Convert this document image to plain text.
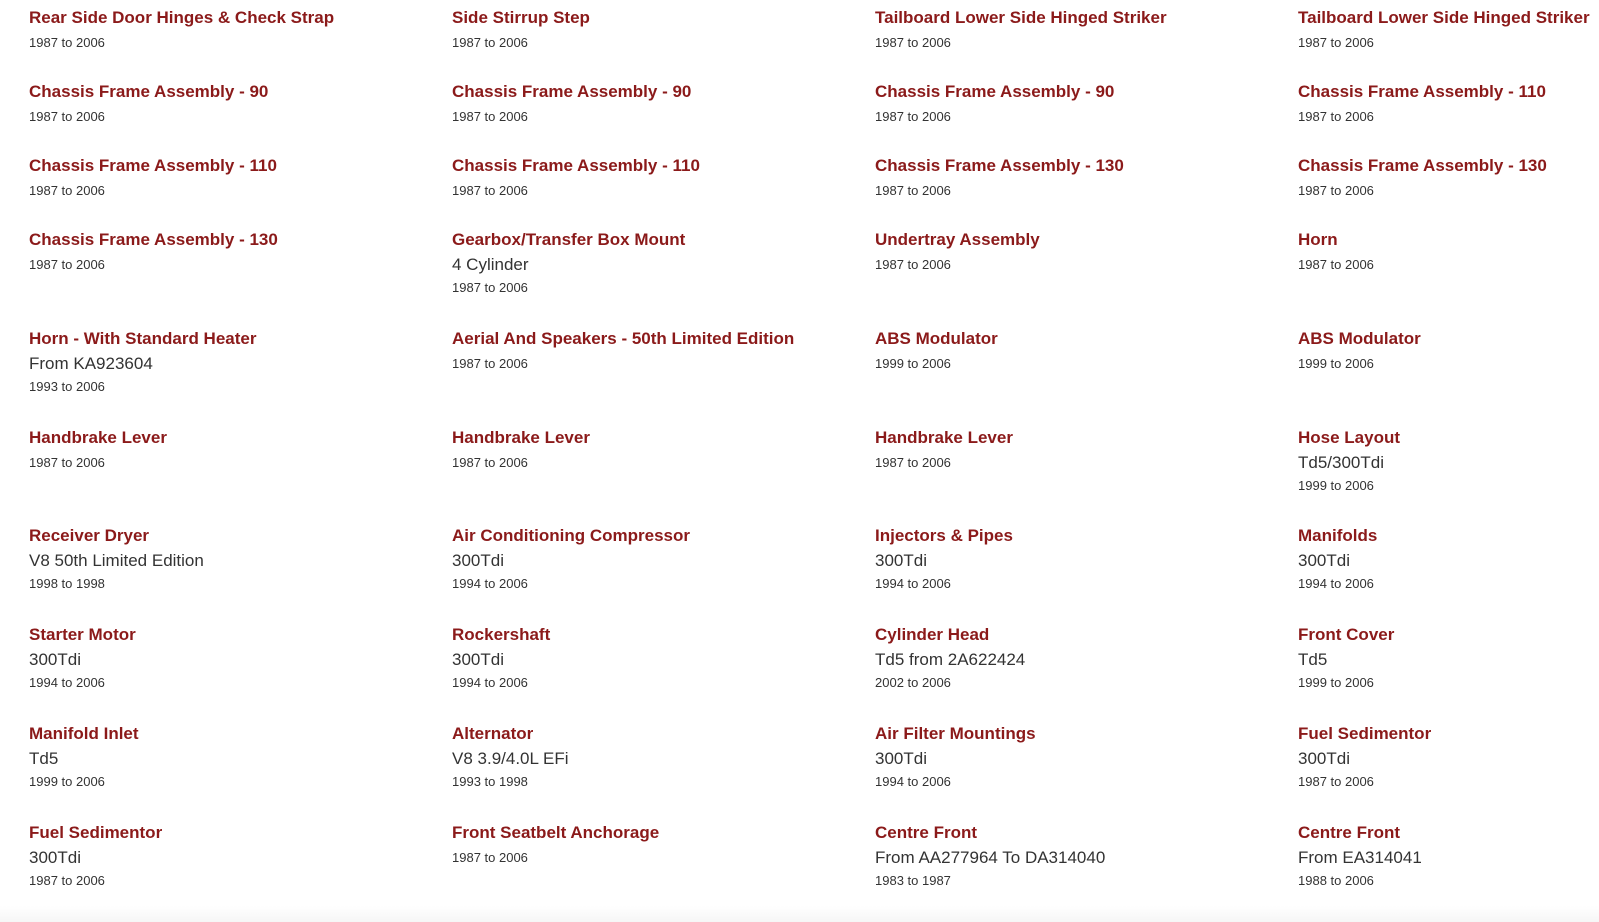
Rear Side Door Hinges & Check Strap
1987 to 2006
Side Stirrup Step
1987 to 2006
Tailboard Lower Side Hinged Striker
1987 to 2006
Tailboard Lower Side Hinged Striker
1987 to 2006
Chassis Frame Assembly - 90
1987 to 2006
Chassis Frame Assembly - 90
1987 to 2006
Chassis Frame Assembly - 90
1987 to 2006
Chassis Frame Assembly - 110
1987 to 2006
Chassis Frame Assembly - 110
1987 to 2006
Chassis Frame Assembly - 110
1987 to 2006
Chassis Frame Assembly - 130
1987 to 2006
Chassis Frame Assembly - 130
1987 to 2006
Chassis Frame Assembly - 130
1987 to 2006
Gearbox/Transfer Box Mount
4 Cylinder
1987 to 2006
Undertray Assembly
1987 to 2006
Horn
1987 to 2006
Horn - With Standard Heater
From KA923604
1993 to 2006
Aerial And Speakers - 50th Limited Edition
1987 to 2006
ABS Modulator
1999 to 2006
ABS Modulator
1999 to 2006
Handbrake Lever
1987 to 2006
Handbrake Lever
1987 to 2006
Handbrake Lever
1987 to 2006
Hose Layout
Td5/300Tdi
1999 to 2006
Receiver Dryer
V8 50th Limited Edition
1998 to 1998
Air Conditioning Compressor
300Tdi
1994 to 2006
Injectors & Pipes
300Tdi
1994 to 2006
Manifolds
300Tdi
1994 to 2006
Starter Motor
300Tdi
1994 to 2006
Rockershaft
300Tdi
1994 to 2006
Cylinder Head
Td5 from 2A622424
2002 to 2006
Front Cover
Td5
1999 to 2006
Manifold Inlet
Td5
1999 to 2006
Alternator
V8 3.9/4.0L EFi
1993 to 1998
Air Filter Mountings
300Tdi
1994 to 2006
Fuel Sedimentor
300Tdi
1987 to 2006
Fuel Sedimentor
300Tdi
1987 to 2006
Front Seatbelt Anchorage
1987 to 2006
Centre Front
From AA277964 To DA314040
1983 to 1987
Centre Front
From EA314041
1988 to 2006
